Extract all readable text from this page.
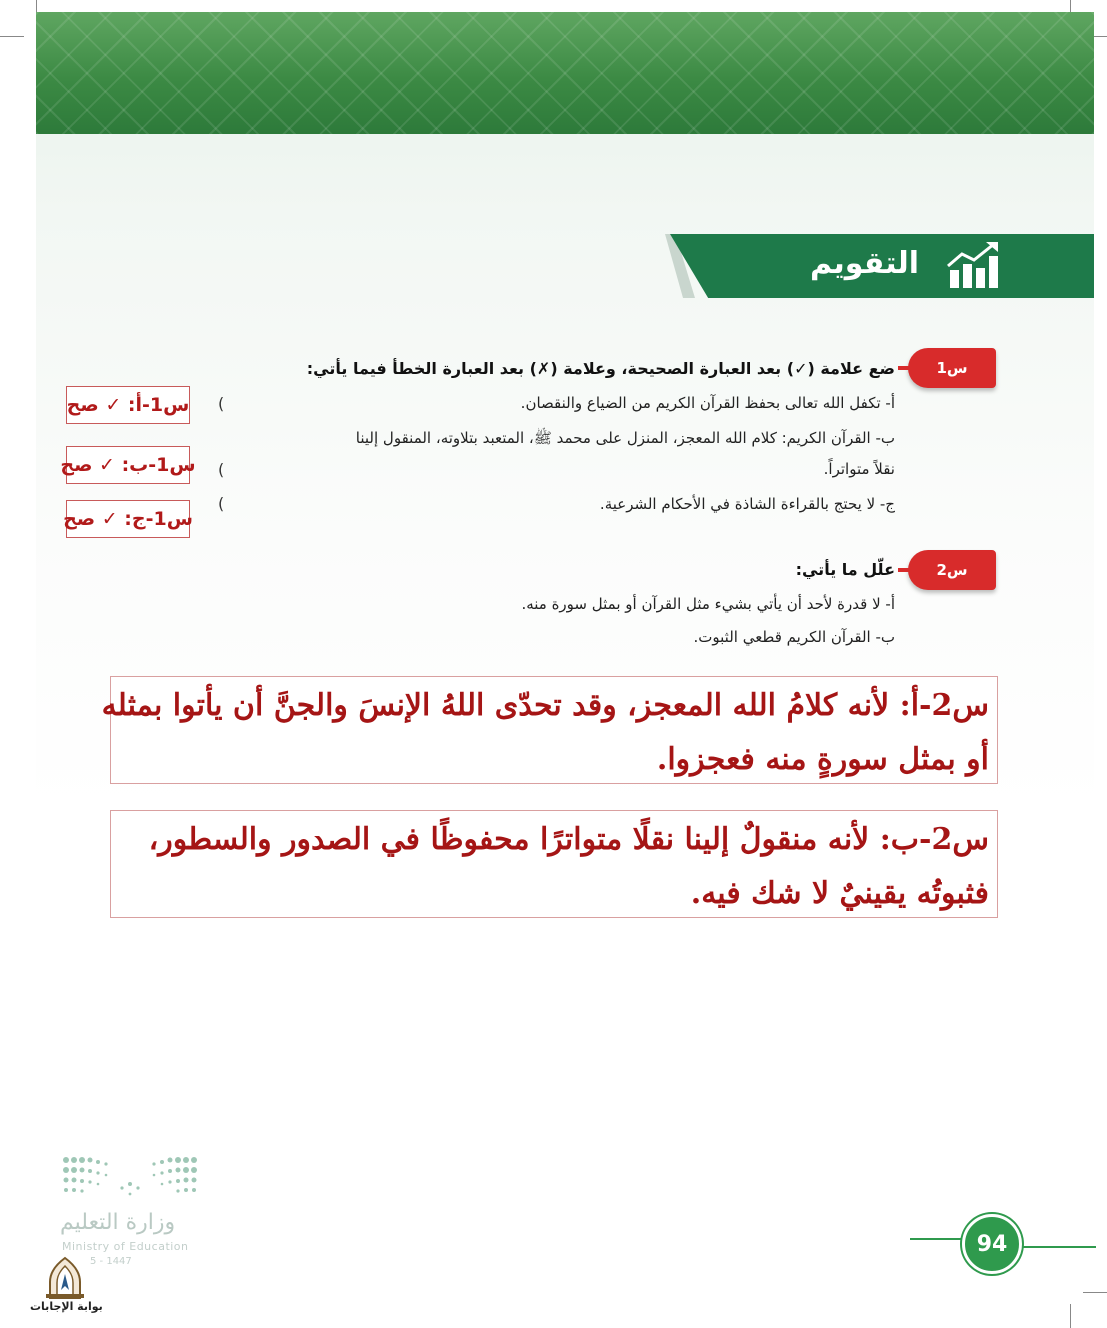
التقويم
س1
ضع علامة (✓) بعد العبارة الصحيحة، وعلامة (✗) بعد العبارة الخطأ فيما يأتي:
أ- تكفل الله تعالى بحفظ القرآن الكريم من الضياع والنقصان.
ب- القرآن الكريم: كلام الله المعجز، المنزل على محمد ﷺ، المتعبد بتلاوته، المنقول إلينا
نقلاً متواتراً.
ج- لا يحتج بالقراءة الشاذة في الأحكام الشرعية.
(
(
(
س1-أ: ✓ صح
س1-ب: ✓ صح
س1-ج: ✓ صح
س2
علّل ما يأتي:
أ- لا قدرة لأحد أن يأتي بشيء مثل القرآن أو بمثل سورة منه.
ب- القرآن الكريم قطعي الثبوت.
س2-أ: لأنه كلامُ الله المعجز، وقد تحدّى اللهُ الإنسَ والجنَّ أن يأتوا بمثله
أو بمثل سورةٍ منه فعجزوا.
س2-ب: لأنه منقولٌ إلينا نقلًا متواترًا محفوظًا في الصدور والسطور،
فثبوتُه يقينيٌ لا شك فيه.
وزارة التعليم
Ministry of Education
5 - 1447
بوابة الإجابات
94
